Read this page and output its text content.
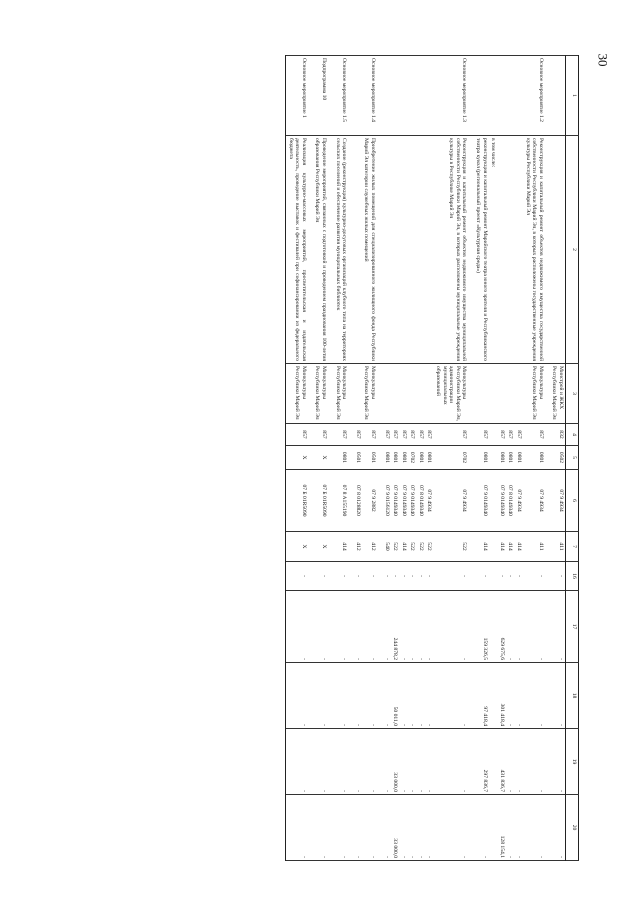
30
1	2	3	4	5	6	7	16	17	18	19	20
		Минстрой и ЖКХ Республики Марий Эл	832	0502	07 9 4934	411	-	-	-	-	-
Основное мероприятие 1.2	Реконструкция и капитальный ремонт объектов недвижимого имущества государственной собственности Республики Марий Эл, в которых расположены государственные учреждения культуры Республики Марий Эл	Минкультуры Республики Марий Эл	857	0801	07 9 4934	411	-	-	-	-	-
			857	0801	07 9 4934	414	-	-	-	-	-
			857	0801	07 8 0149340	414	-	-	-	-	-
			857	0801	07 9 0149340	414	-	629 675,6	301 418,4	431 836,7	128 154,1
	в том числе:										
	реконструкция и капитальный ремонт Марийского театра юного зрителя и Республиканского театра кукол (региональный проект «Культурная среда»)		857	0801	07 9 0149340	414	-	159 326,5	97 418,4	297 836,7	-
Основное мероприятие 1.3	Реконструкция и капитальный ремонт объектов недвижимого имущества муниципальной собственности Республики Марий Эл, в которых расположены муниципальные учреждения культуры в Республике Марий Эл	Минкультуры Республики Марий Эл, администрации муниципальных образований	857	0702	07 9 4934	522	-	-	-	-	-
			857	0801	07 9 4934	522	-	-	-	-	-
			857	0801	07 8 0149340	522	-	-	-	-	-
			857	0702	07 9 0149340	522	-	-	-	-	-
			857	0801	07 9 0149340	414	-	-	-	-	-
			857	0801	07 9 0149340	522	-	244 878,2	50 011,0	33 000,0	33 000,0
			857	0801	07 9 0156120	540	-	-	-	-	-
Основное мероприятие 1.4	Приобретение жилых помещений для специализированного жилищного фонда Республики Марий Эл категории служебных жилых помещений	Минкультуры Республики Марий Эл	857	0501	07 9 2882	412	-	-	-	-	-
			857	0501	07 8 0128820	412	-	-	-	-	-
Основное мероприятие 1.5	Создание (реконструкция) культурно-досуговых организаций клубного типа на территориях сельских поселений и обеспечение развития муниципальных библиотек	Минкультуры Республики Марий Эл	857	0801	07 8 A155190	414	-	-	-	-	-
Подпрограмма 10	Проведение мероприятий, связанных с подготовкой и проведением празднования 100-летия образования Республики Марий Эл	Минкультуры Республики Марий Эл	857	X	07 Б 01R5090	X	-	-	-	-	-
Основное мероприятие 1	Реализация культурно-массовых мероприятий, просветительская и издательская деятельность, проведение выставок и фестивалей при софинансировании из федерального бюджета	Минкультуры Республики Марий Эл	857	X	07 Б 01R5090	X	-	-	-	-	-
